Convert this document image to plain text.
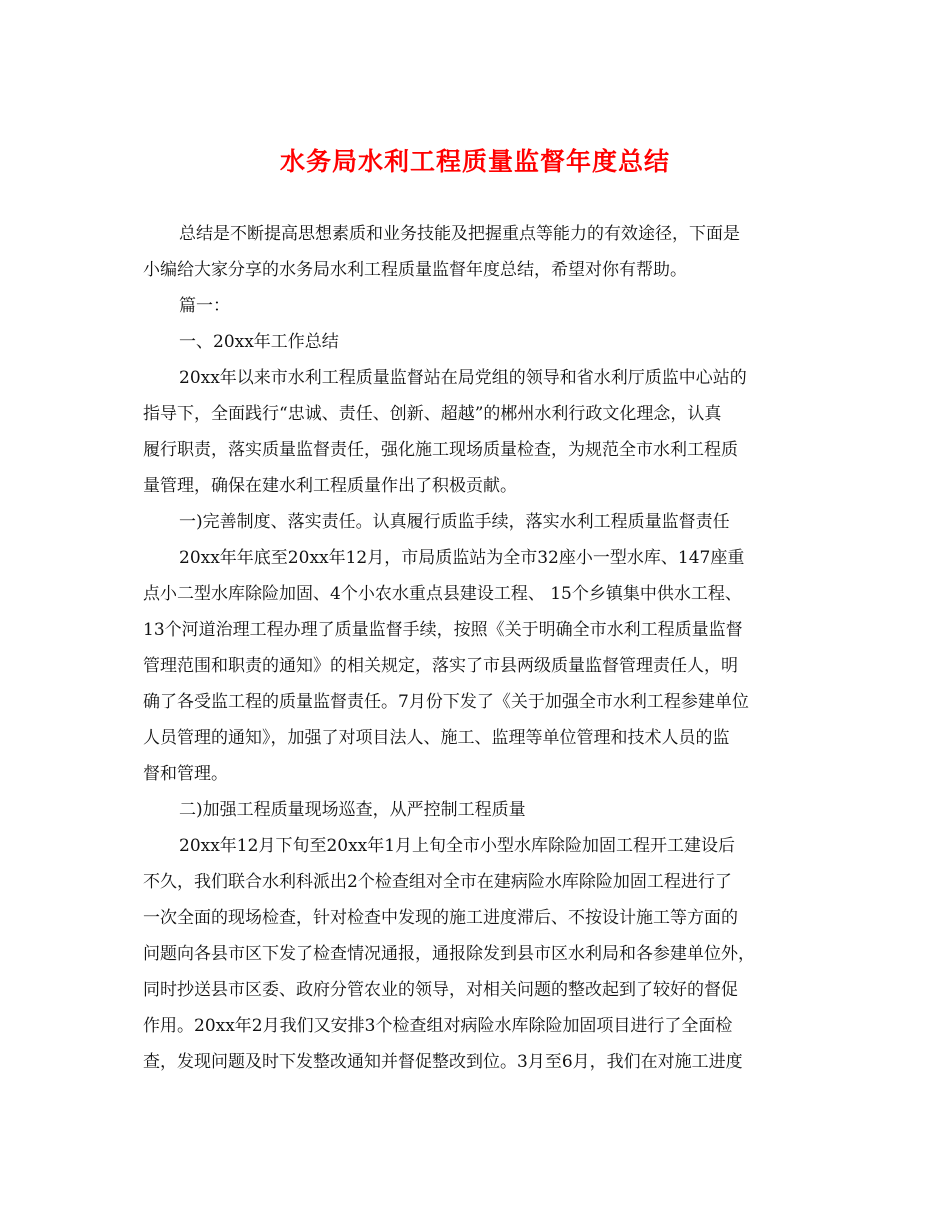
水务局水利工程质量监督年度总结
总结是不断提高思想素质和业务技能及把握重点等能力的有效途径，下面是
小编给大家分享的水务局水利工程质量监督年度总结，希望对你有帮助。
篇一：
一、20xx年工作总结
20xx年以来市水利工程质量监督站在局党组的领导和省水利厅质监中心站的
指导下，全面践行“忠诚、责任、创新、超越”的郴州水利行政文化理念，认真
履行职责，落实质量监督责任，强化施工现场质量检查，为规范全市水利工程质
量管理，确保在建水利工程质量作出了积极贡献。
一)完善制度、落实责任。认真履行质监手续，落实水利工程质量监督责任
20xx年年底至20xx年12月，市局质监站为全市32座小一型水库、147座重
点小二型水库除险加固、4个小农水重点县建设工程、 15个乡镇集中供水工程、
13个河道治理工程办理了质量监督手续，按照《关于明确全市水利工程质量监督
管理范围和职责的通知》的相关规定，落实了市县两级质量监督管理责任人，明
确了各受监工程的质量监督责任。7月份下发了《关于加强全市水利工程参建单位
人员管理的通知》，加强了对项目法人、施工、监理等单位管理和技术人员的监
督和管理。
二)加强工程质量现场巡查，从严控制工程质量
20xx年12月下旬至20xx年1月上旬全市小型水库除险加固工程开工建设后
不久，我们联合水利科派出2个检查组对全市在建病险水库除险加固工程进行了
一次全面的现场检查，针对检查中发现的施工进度滞后、不按设计施工等方面的
问题向各县市区下发了检查情况通报，通报除发到县市区水利局和各参建单位外，
同时抄送县市区委、政府分管农业的领导，对相关问题的整改起到了较好的督促
作用。20xx年2月我们又安排3个检查组对病险水库除险加固项目进行了全面检
查，发现问题及时下发整改通知并督促整改到位。3月至6月，我们在对施工进度
